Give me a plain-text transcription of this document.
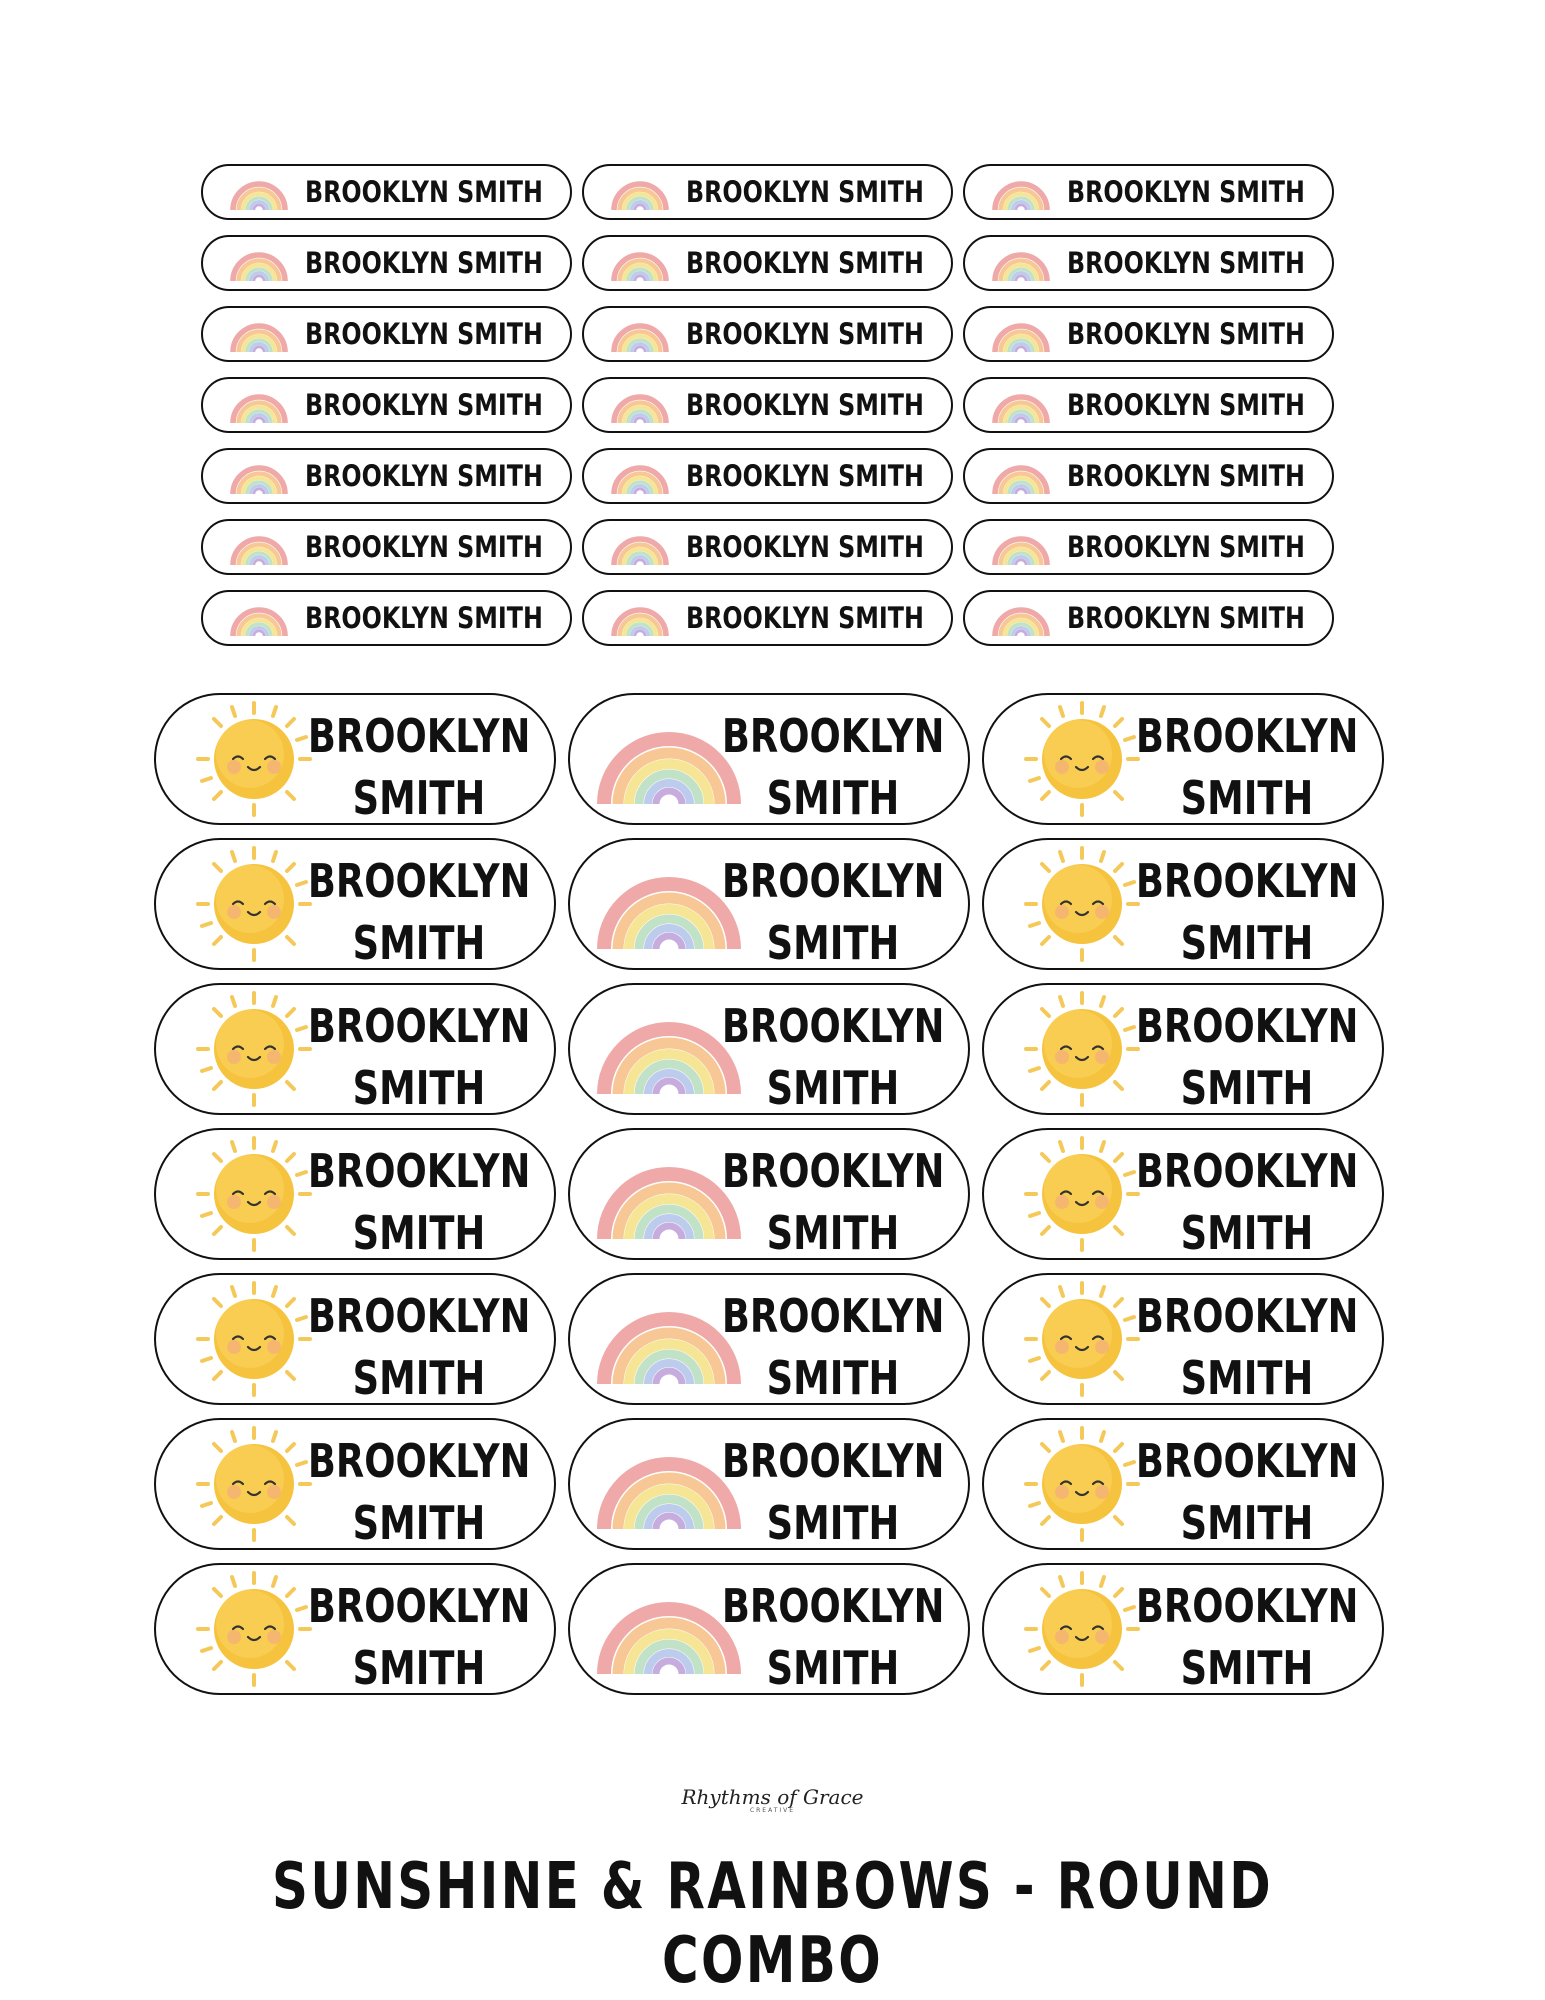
BROOKLYN SMITH	BROOKLYN SMITH	BROOKLYN SMITH
BROOKLYN SMITH	BROOKLYN SMITH	BROOKLYN SMITH
BROOKLYN SMITH	BROOKLYN SMITH	BROOKLYN SMITH
BROOKLYN SMITH	BROOKLYN SMITH	BROOKLYN SMITH
BROOKLYN SMITH	BROOKLYN SMITH	BROOKLYN SMITH
BROOKLYN SMITH	BROOKLYN SMITH	BROOKLYN SMITH
BROOKLYN SMITH	BROOKLYN SMITH	BROOKLYN SMITH
BROOKLYN
SMITH
BROOKLYN
SMITH
BROOKLYN
SMITH
BROOKLYN
SMITH
BROOKLYN
SMITH
BROOKLYN
SMITH
BROOKLYN
SMITH
BROOKLYN
SMITH
BROOKLYN
SMITH
BROOKLYN
SMITH
BROOKLYN
SMITH
BROOKLYN
SMITH
BROOKLYN
SMITH
BROOKLYN
SMITH
BROOKLYN
SMITH
BROOKLYN
SMITH
BROOKLYN
SMITH
BROOKLYN
SMITH
BROOKLYN
SMITH
BROOKLYN
SMITH
BROOKLYN
SMITH
Rhythms of Grace
CREATIVE
SUNSHINE & RAINBOWS - ROUND COMBO
